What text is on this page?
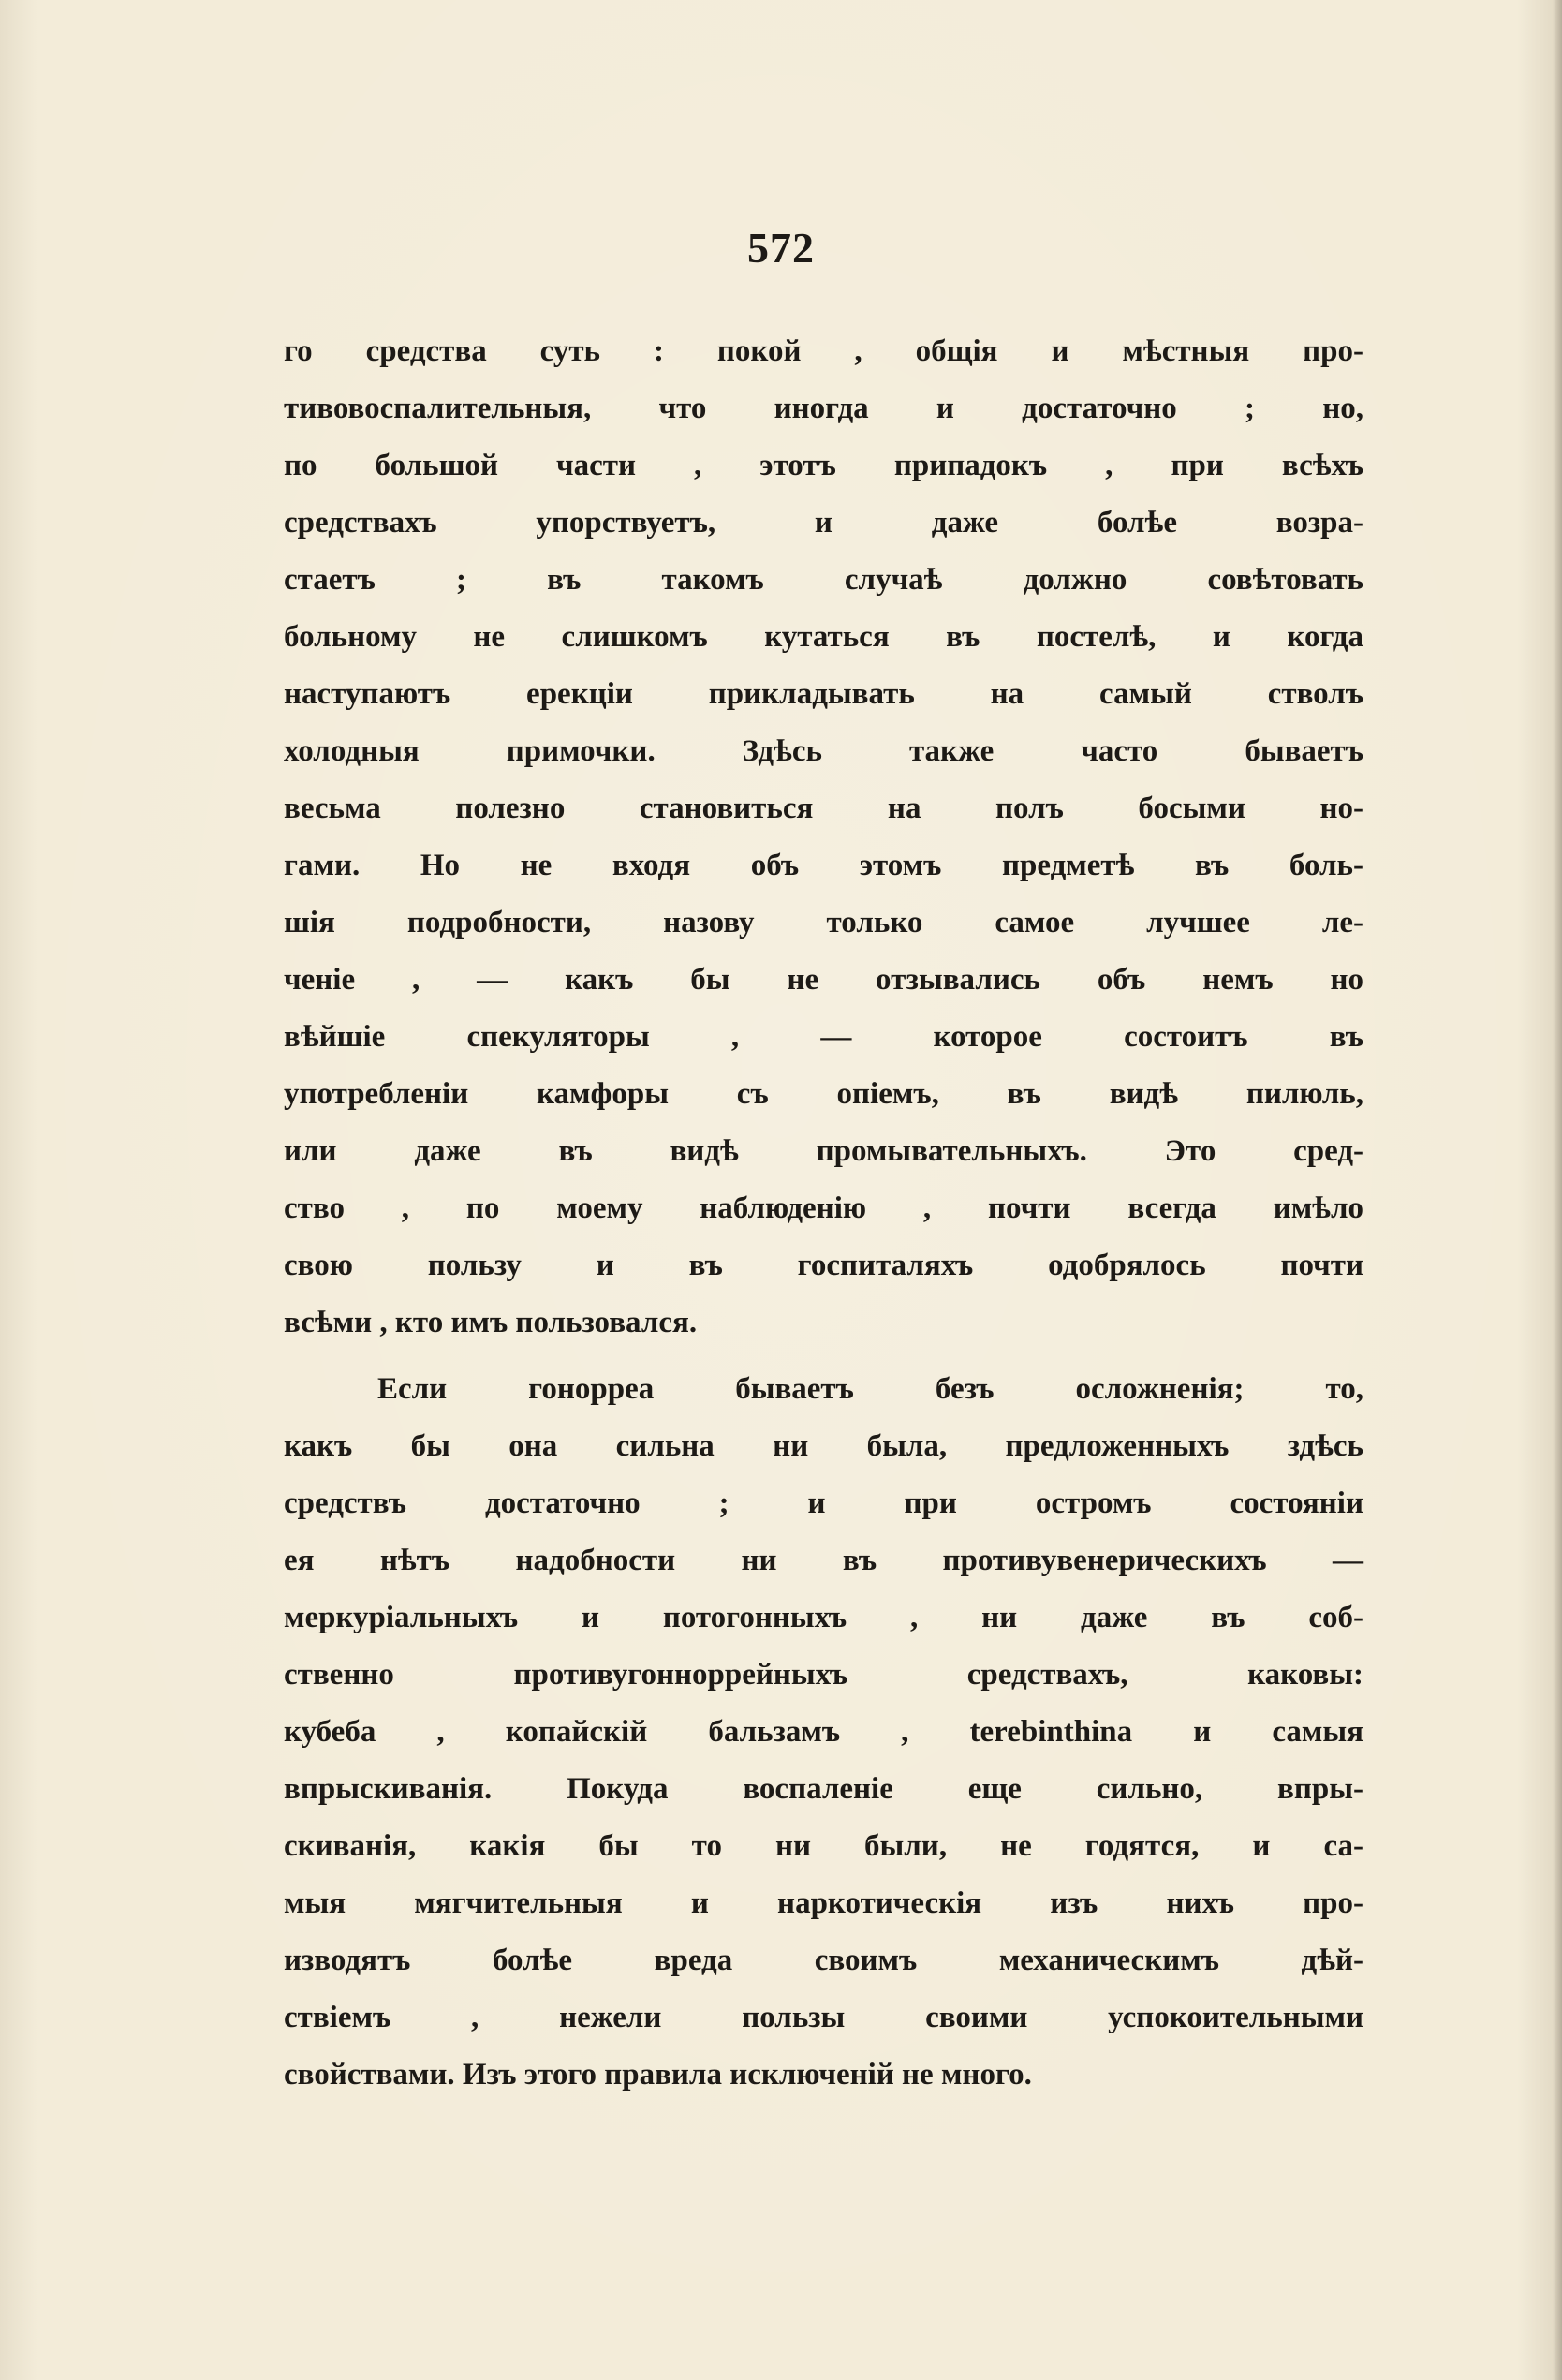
572

го средства суть : покой , общія и мѣстныя про-
тивовоспалительныя, что иногда и достаточно ; но,
по большой части , этотъ припадокъ , при всѣхъ
средствахъ упорствуетъ, и даже болѣе возра-
стаетъ ; въ такомъ случаѣ должно совѣтовать
больному не слишкомъ кутаться въ постелѣ, и когда
наступаютъ ерекціи прикладывать на самый стволъ
холодныя примочки. Здѣсь также часто бываетъ
весьма полезно становиться на полъ босыми но-
гами. Но не входя объ этомъ предметѣ въ боль-
шія подробности, назову только самое лучшее ле-
ченіе , — какъ бы не отзывались объ немъ но
вѣйшіе спекуляторы , — которое состоитъ въ
употребленіи камфоры съ опіемъ, въ видѣ пилюль,
или даже въ видѣ промывательныхъ. Это сред-
ство , по моему наблюденію , почти всегда имѣло
свою пользу и въ госпиталяхъ одобрялось почти
всѣми , кто имъ пользовался.
Если гонорреа бываетъ безъ осложненія; то,
какъ бы она сильна ни была, предложенныхъ здѣсь
средствъ достаточно ; и при остромъ состояніи
ея нѣтъ надобности ни въ противувенерическихъ —
меркуріальныхъ и потогонныхъ , ни даже въ соб-
ственно противугонноррейныхъ средствахъ, каковы:
кубеба , копайскій бальзамъ , terebinthina и самыя
впрыскиванія. Покуда воспаленіе еще сильно, впры-
скиванія, какія бы то ни были, не годятся, и са-
мыя мягчительныя и наркотическія изъ нихъ про-
изводятъ болѣе вреда своимъ механическимъ дѣй-
ствіемъ , нежели пользы своими успокоительными
свойствами. Изъ этого правила исключеній не много.
